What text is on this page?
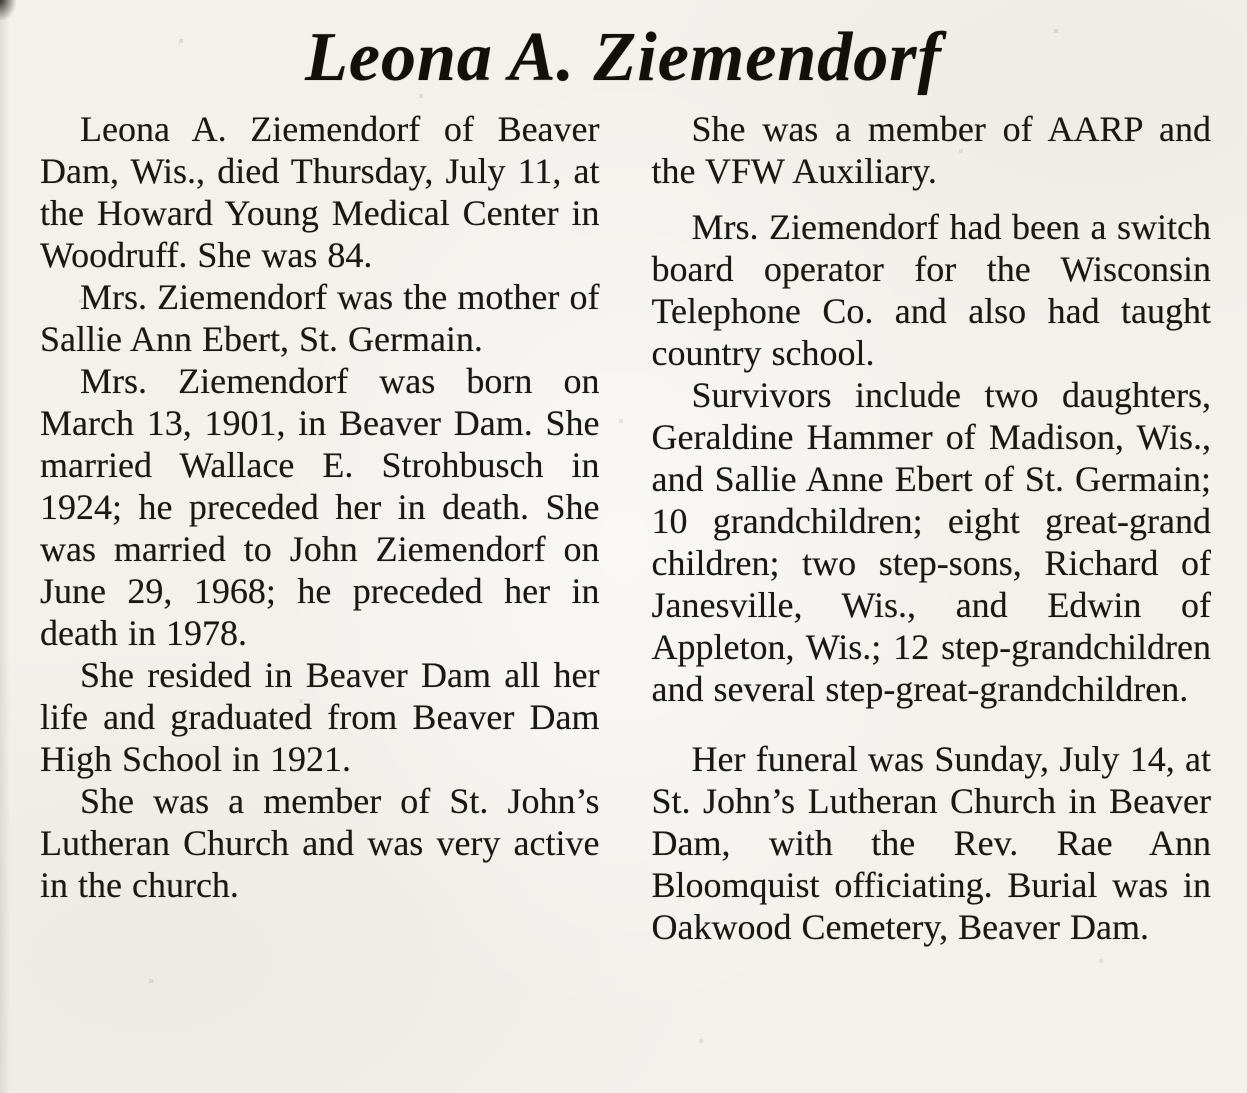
Leona A. Ziemendorf

Leona A. Ziemendorf of Beaver Dam, Wis., died Thursday, July 11, at the Howard Young Medical Center in Woodruff. She was 84.

Mrs. Ziemendorf was the mother of Sallie Ann Ebert, St. Germain.

Mrs. Ziemendorf was born on March 13, 1901, in Beaver Dam. She married Wallace E. Strohbusch in 1924; he preceded her in death. She was married to John Ziemendorf on June 29, 1968; he preceded her in death in 1978.

She resided in Beaver Dam all her life and graduated from Beaver Dam High School in 1921.

She was a member of St. John’s Lutheran Church and was very active in the church.

She was a member of AARP and the VFW Auxiliary.

Mrs. Ziemendorf had been a switch board operator for the Wisconsin Telephone Co. and also had taught country school.

Survivors include two daughters, Geraldine Hammer of Madison, Wis., and Sallie Anne Ebert of St. Germain; 10 grandchildren; eight great-grand children; two step-sons, Richard of Janesville, Wis., and Edwin of Appleton, Wis.; 12 step-grandchildren and several step-great-grandchildren.

Her funeral was Sunday, July 14, at St. John’s Lutheran Church in Beaver Dam, with the Rev. Rae Ann Bloomquist officiating. Burial was in Oakwood Cemetery, Beaver Dam.
